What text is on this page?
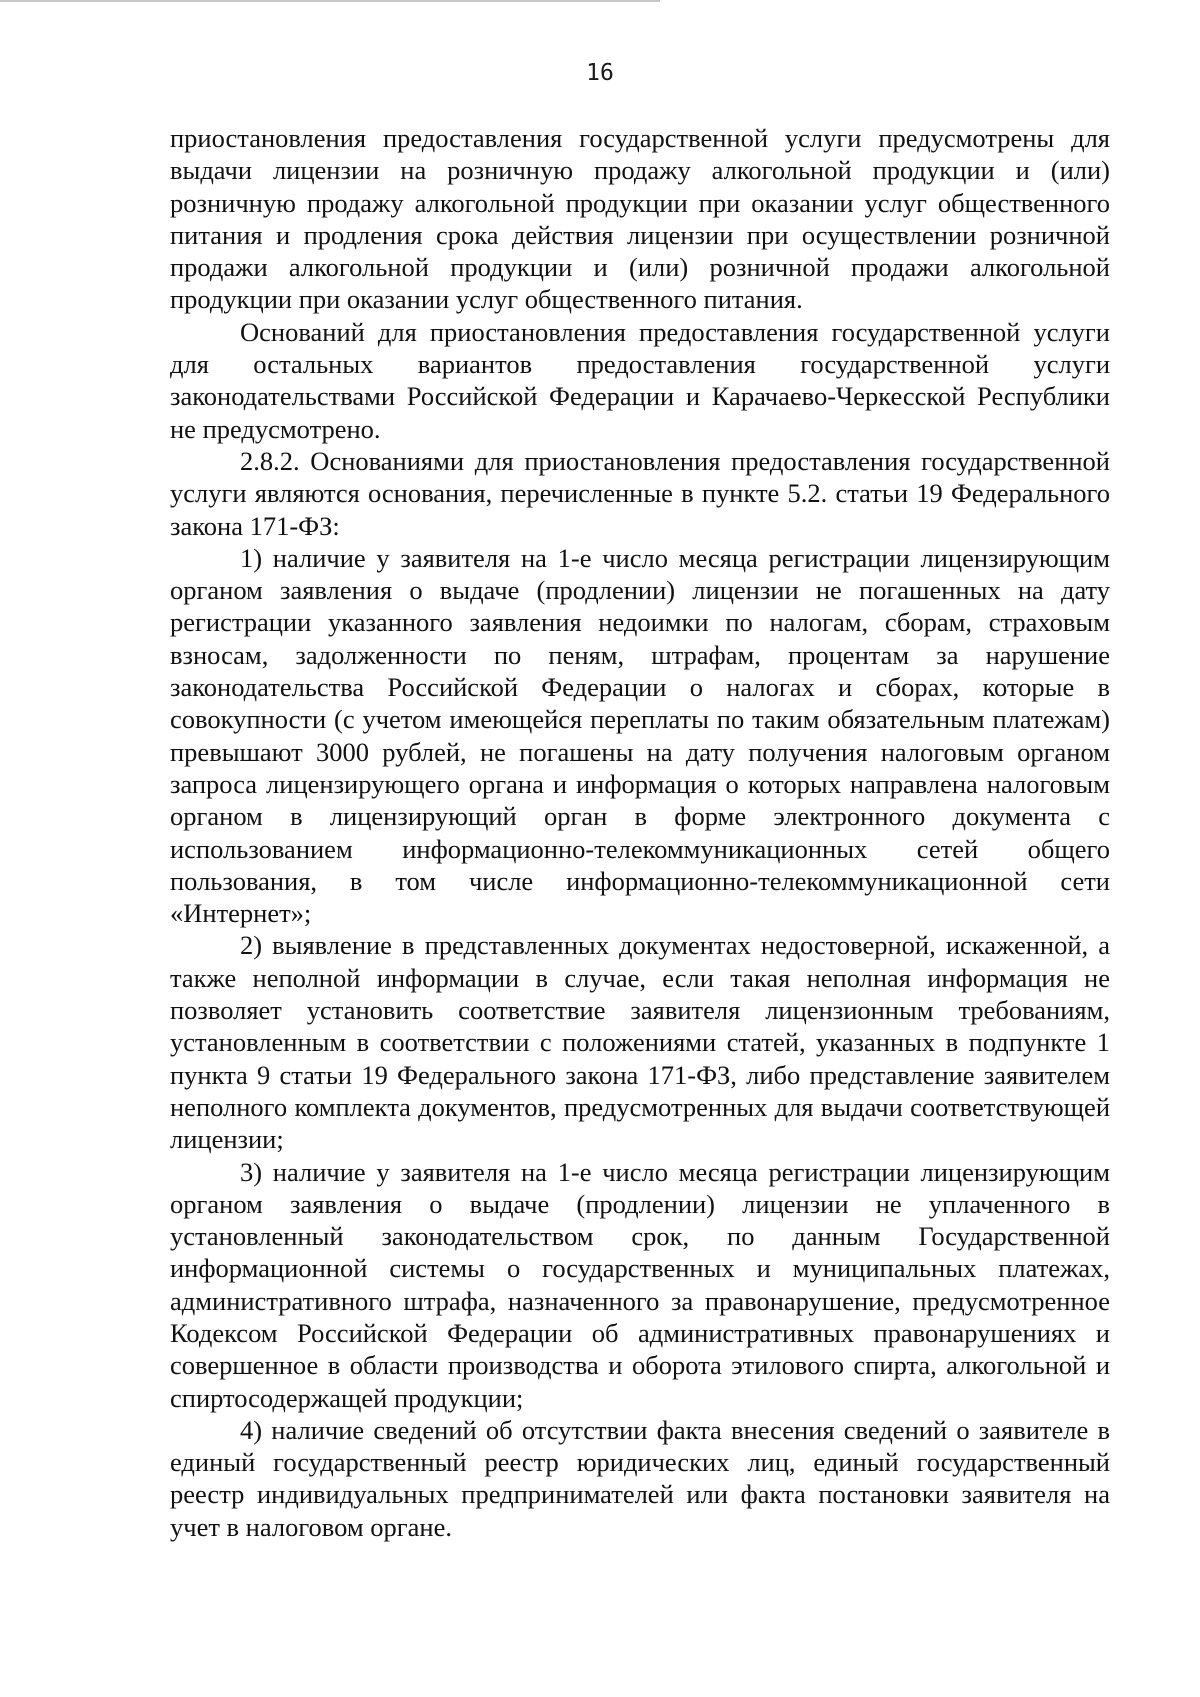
16

приостановления предоставления государственной услуги предусмотрены для выдачи лицензии на розничную продажу алкогольной продукции и (или) розничную продажу алкогольной продукции при оказании услуг общественного питания и продления срока действия лицензии при осуществлении розничной продажи алкогольной продукции и (или) розничной продажи алкогольной продукции при оказании услуг общественного питания.

Оснований для приостановления предоставления государственной услуги для остальных вариантов предоставления государственной услуги законодательствами Российской Федерации и Карачаево-Черкесской Республики не предусмотрено.

2.8.2. Основаниями для приостановления предоставления государственной услуги являются основания, перечисленные в пункте 5.2. статьи 19 Федерального закона 171-ФЗ:

1) наличие у заявителя на 1-е число месяца регистрации лицензирующим органом заявления о выдаче (продлении) лицензии не погашенных на дату регистрации указанного заявления недоимки по налогам, сборам, страховым взносам, задолженности по пеням, штрафам, процентам за нарушение законодательства Российской Федерации о налогах и сборах, которые в совокупности (с учетом имеющейся переплаты по таким обязательным платежам) превышают 3000 рублей, не погашены на дату получения налоговым органом запроса лицензирующего органа и информация о которых направлена налоговым органом в лицензирующий орган в форме электронного документа с использованием информационно-телекоммуникационных сетей общего пользования, в том числе информационно-телекоммуникационной сети «Интернет»;

2) выявление в представленных документах недостоверной, искаженной, а также неполной информации в случае, если такая неполная информация не позволяет установить соответствие заявителя лицензионным требованиям, установленным в соответствии с положениями статей, указанных в подпункте 1 пункта 9 статьи 19 Федерального закона 171-ФЗ, либо представление заявителем неполного комплекта документов, предусмотренных для выдачи соответствующей лицензии;

3) наличие у заявителя на 1-е число месяца регистрации лицензирующим органом заявления о выдаче (продлении) лицензии не уплаченного в установленный законодательством срок, по данным Государственной информационной системы о государственных и муниципальных платежах, административного штрафа, назначенного за правонарушение, предусмотренное Кодексом Российской Федерации об административных правонарушениях и совершенное в области производства и оборота этилового спирта, алкогольной и спиртосодержащей продукции;

4) наличие сведений об отсутствии факта внесения сведений о заявителе в единый государственный реестр юридических лиц, единый государственный реестр индивидуальных предпринимателей или факта постановки заявителя на учет в налоговом органе.
